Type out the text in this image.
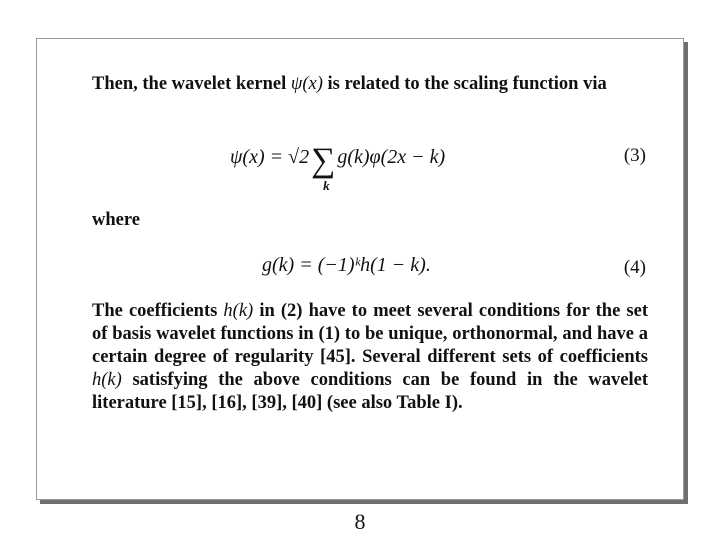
Then, the wavelet kernel ψ(x) is related to the scaling function via
ψ(x) = √2∑
k
g(k)φ(2x − k)	(3)
where
g(k) = (−1)ᵏh(1 − k).	(4)
The coefficients h(k) in (2) have to meet several conditions for the set of basis wavelet functions in (1) to be unique, orthonormal, and have a certain degree of regularity [45]. Several different sets of coefficients h(k) satisfying the above conditions can be found in the wavelet literature [15], [16], [39], [40] (see also Table I).
8
